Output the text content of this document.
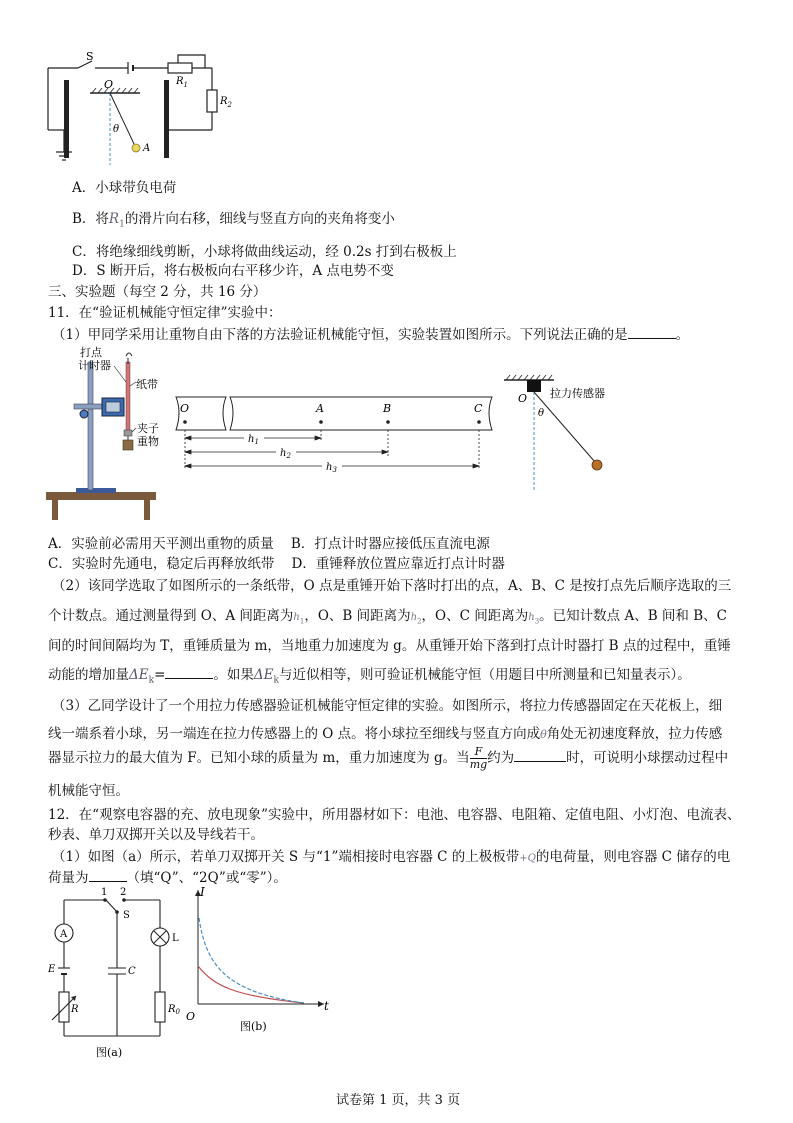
S
O
θ
A
$R_1$
$R_2$
A．小球带负电荷
B．将$R_1$的滑片向右移，细线与竖直方向的夹角将变小
C．将绝缘细线剪断，小球将做曲线运动，经 0.2s 打到右极板上
D．S 断开后，将右极板向右平移少许，A 点电势不变
三、实验题（每空 2 分，共 16 分）
11．在“验证机械能守恒定律”实验中：
（1）甲同学采用让重物自由下落的方法验证机械能守恒，实验装置如图所示。下列说法正确的是	。
打点
计时器
纸带
夹子
重物
O	A	B	C
$h_1$
$h_2$
$h_3$
O
θ
拉力传感器
A．实验前必需用天平测出重物的质量 B．打点计时器应接低压直流电源
C．实验时先通电，稳定后再释放纸带 D．重锤释放位置应靠近打点计时器
（2）该同学选取了如图所示的一条纸带，O 点是重锤开始下落时打出的点，A、B、C 是按打点先后顺序选取的三
个计数点。通过测量得到 O、A 间距离为$h_1$，O、B 间距离为$h_2$，O、C 间距离为$h_3$。已知计数点 A、B 间和 B、C
间的时间间隔均为 T，重锤质量为 m，当地重力加速度为 g。从重锤开始下落到打点计时器打 B 点的过程中，重锤
动能的增加量$\Delta E_k=$	。如果$\Delta E_k$与近似相等，则可验证机械能守恒（用题目中所测量和已知量表示）。
（3）乙同学设计了一个用拉力传感器验证机械能守恒定律的实验。如图所示，将拉力传感器固定在天花板上，细
线一端系着小球，另一端连在拉力传感器上的 O 点。将小球拉至细线与竖直方向成θ角处无初速度释放，拉力传感
器显示拉力的最大值为 F。已知小球的质量为 m，重力加速度为 g。当 $\frac{F}{mg}$ 约为	时，可说明小球摆动过程中
机械能守恒。
12．在“观察电容器的充、放电现象”实验中，所用器材如下：电池、电容器、电阻箱、定值电阻、小灯泡、电流表、
秒表、单刀双掷开关以及导线若干。
（1）如图（a）所示，若单刀双掷开关 S 与“1”端相接时电容器 C 的上极板带+Q的电荷量，则电容器 C 储存的电
荷量为	（填“Q”、“2Q”或“零”）。
A
1 2
S
L
E	C
R	$R_0$
图(a)
I
t
O
图(b)
试卷第 1 页，共 3 页
